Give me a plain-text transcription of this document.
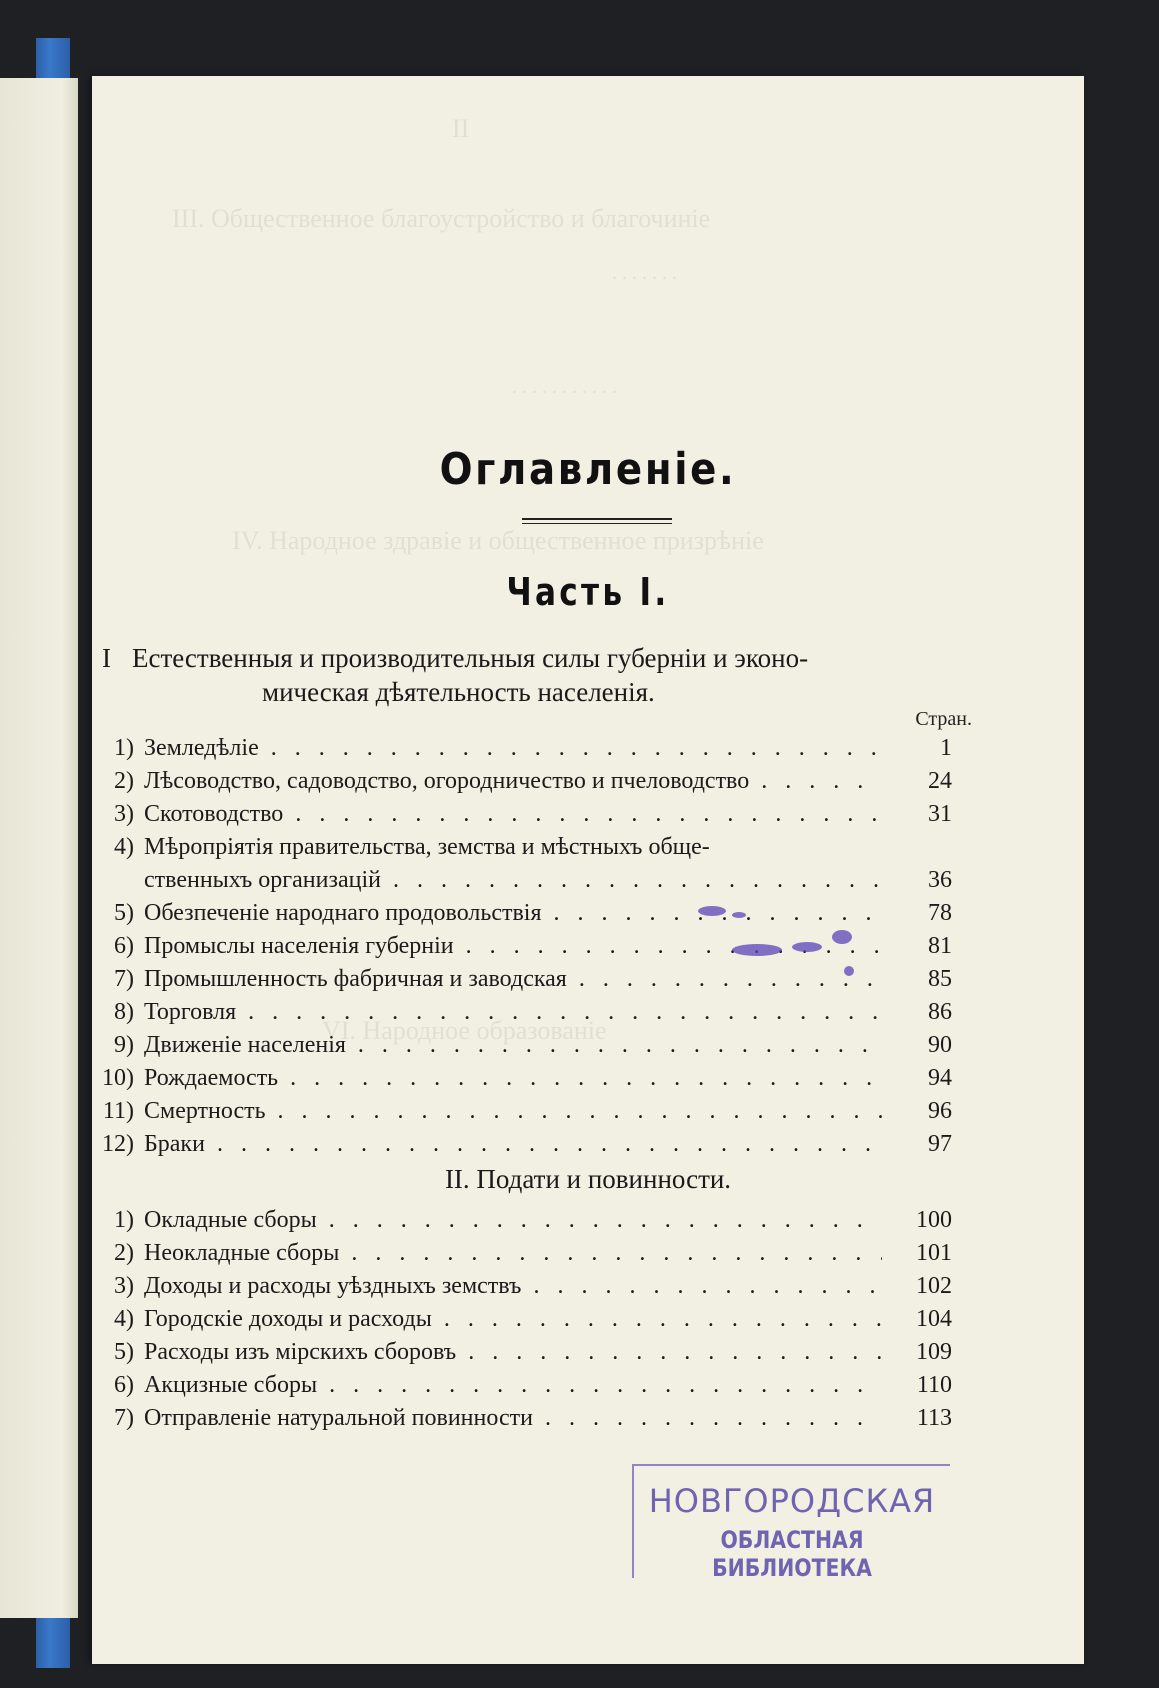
II
III. Общественное благоустройство и благочиніе
. . . . . . .
. . . . . . . . . . .
IV. Народное здравіе и общественное призрѣніе
VI. Народное образованіе
Оглавленіе.
Часть I.
I Естественныя и производительныя силы губерніи и эконо-
мическая дѣятельность населенія.
Стран.
1) Земледѣліе . . .	1
2) Лѣсоводство, садоводство, огородничество и пчеловодство . . .	24
3) Скотоводство . . .	31
4) Мѣропріятія правительства, земства и мѣстныхъ обще-
ственныхъ организацій . . .	36
5) Обезпеченіе народнаго продовольствія . . .	78
6) Промыслы населенія губерніи . . .	81
7) Промышленность фабричная и заводская . . .	85
8) Торговля . . .	86
9) Движеніе населенія . . .	90
10) Рождаемость . . .	94
11) Смертность . . .	96
12) Браки . . .	97
II. Подати и повинности.
1) Окладные сборы . . .	100
2) Неокладные сборы . . .	101
3) Доходы и расходы уѣздныхъ земствъ . . .	102
4) Городскіе доходы и расходы . . .	104
5) Расходы изъ мірскихъ сборовъ . . .	109
6) Акцизные сборы . . .	110
7) Отправленіе натуральной повинности . . .	113
НОВГОРОДСКАЯ
ОБЛАСТНАЯ БИБЛИОТЕКА
